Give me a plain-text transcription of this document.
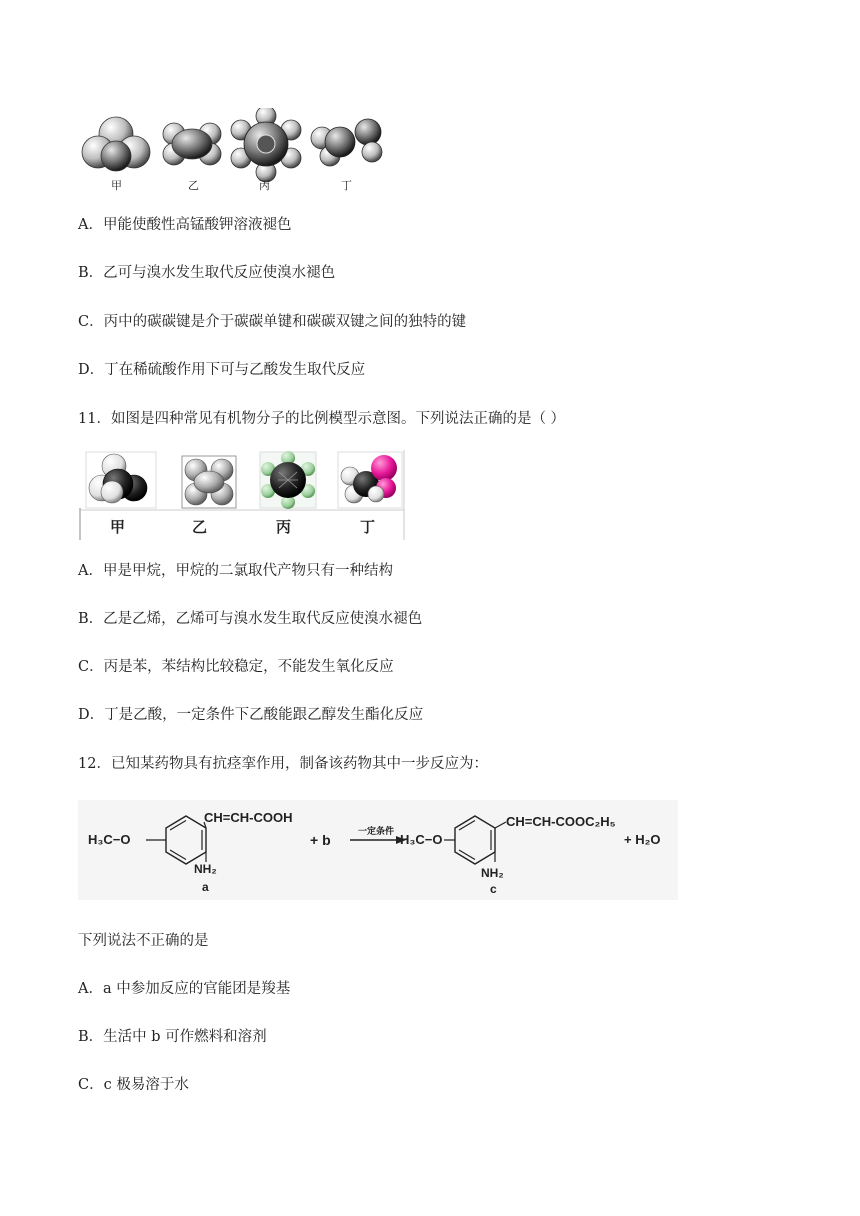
甲	乙	丙	丁
A．甲能使酸性高锰酸钾溶液褪色
B．乙可与溴水发生取代反应使溴水褪色
C．丙中的碳碳键是介于碳碳单键和碳碳双键之间的独特的键
D．丁在稀硫酸作用下可与乙酸发生取代反应
11．如图是四种常见有机物分子的比例模型示意图。下列说法正确的是（ ）
甲	乙	丙	丁
A．甲是甲烷，甲烷的二氯取代产物只有一种结构
B．乙是乙烯，乙烯可与溴水发生取代反应使溴水褪色
C．丙是苯，苯结构比较稳定，不能发生氧化反应
D．丁是乙酸，一定条件下乙酸能跟乙醇发生酯化反应
12．已知某药物具有抗痉挛作用，制备该药物其中一步反应为：
CH=CH-COOH
H₃C−O
NH₂
a
+ b	一定条件 H₃C−O
CH=CH-COOC₂H₅
NH₂
c
+ H₂O
下列说法不正确的是
A．a 中参加反应的官能团是羧基
B．生活中 b 可作燃料和溶剂
C．c 极易溶于水
